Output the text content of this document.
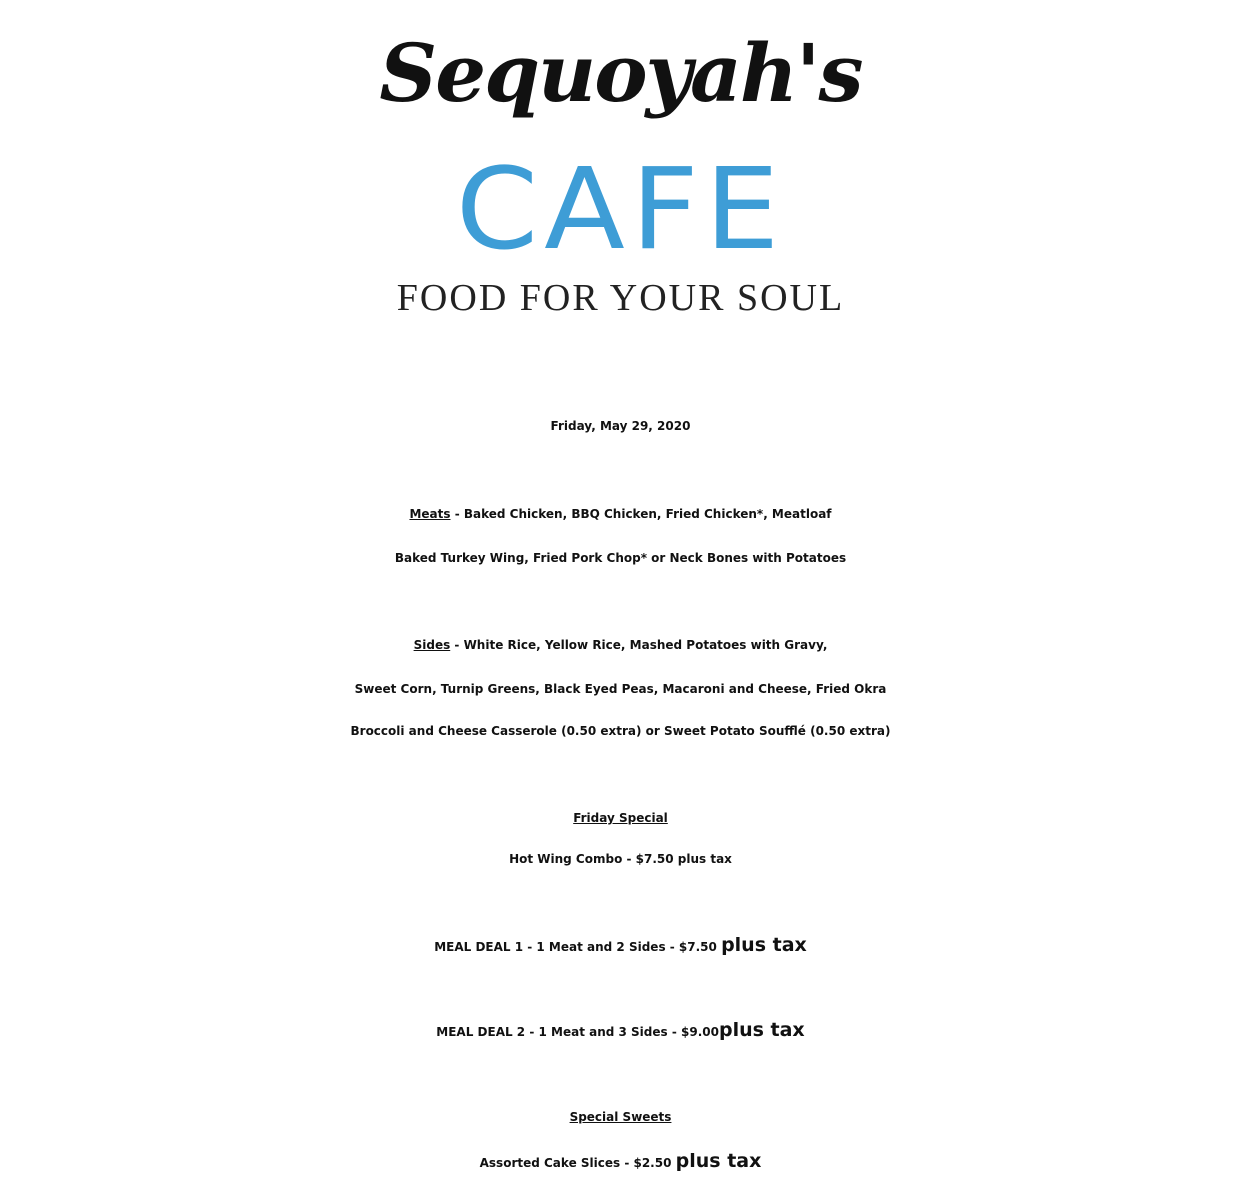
Sequoyah's
CAFE
FOOD FOR YOUR SOUL
Friday, May 29, 2020
Meats - Baked Chicken, BBQ Chicken, Fried Chicken*, Meatloaf
Baked Turkey Wing, Fried Pork Chop* or Neck Bones with Potatoes
Sides - White Rice, Yellow Rice, Mashed Potatoes with Gravy,
Sweet Corn, Turnip Greens, Black Eyed Peas, Macaroni and Cheese, Fried Okra
Broccoli and Cheese Casserole (0.50 extra) or Sweet Potato Soufflé (0.50 extra)
Friday Special
Hot Wing Combo - $7.50 plus tax
MEAL DEAL 1 - 1 Meat and 2 Sides - $7.50 plus tax
MEAL DEAL 2 - 1 Meat and 3 Sides - $9.00plus tax
Special Sweets
Assorted Cake Slices - $2.50 plus tax
